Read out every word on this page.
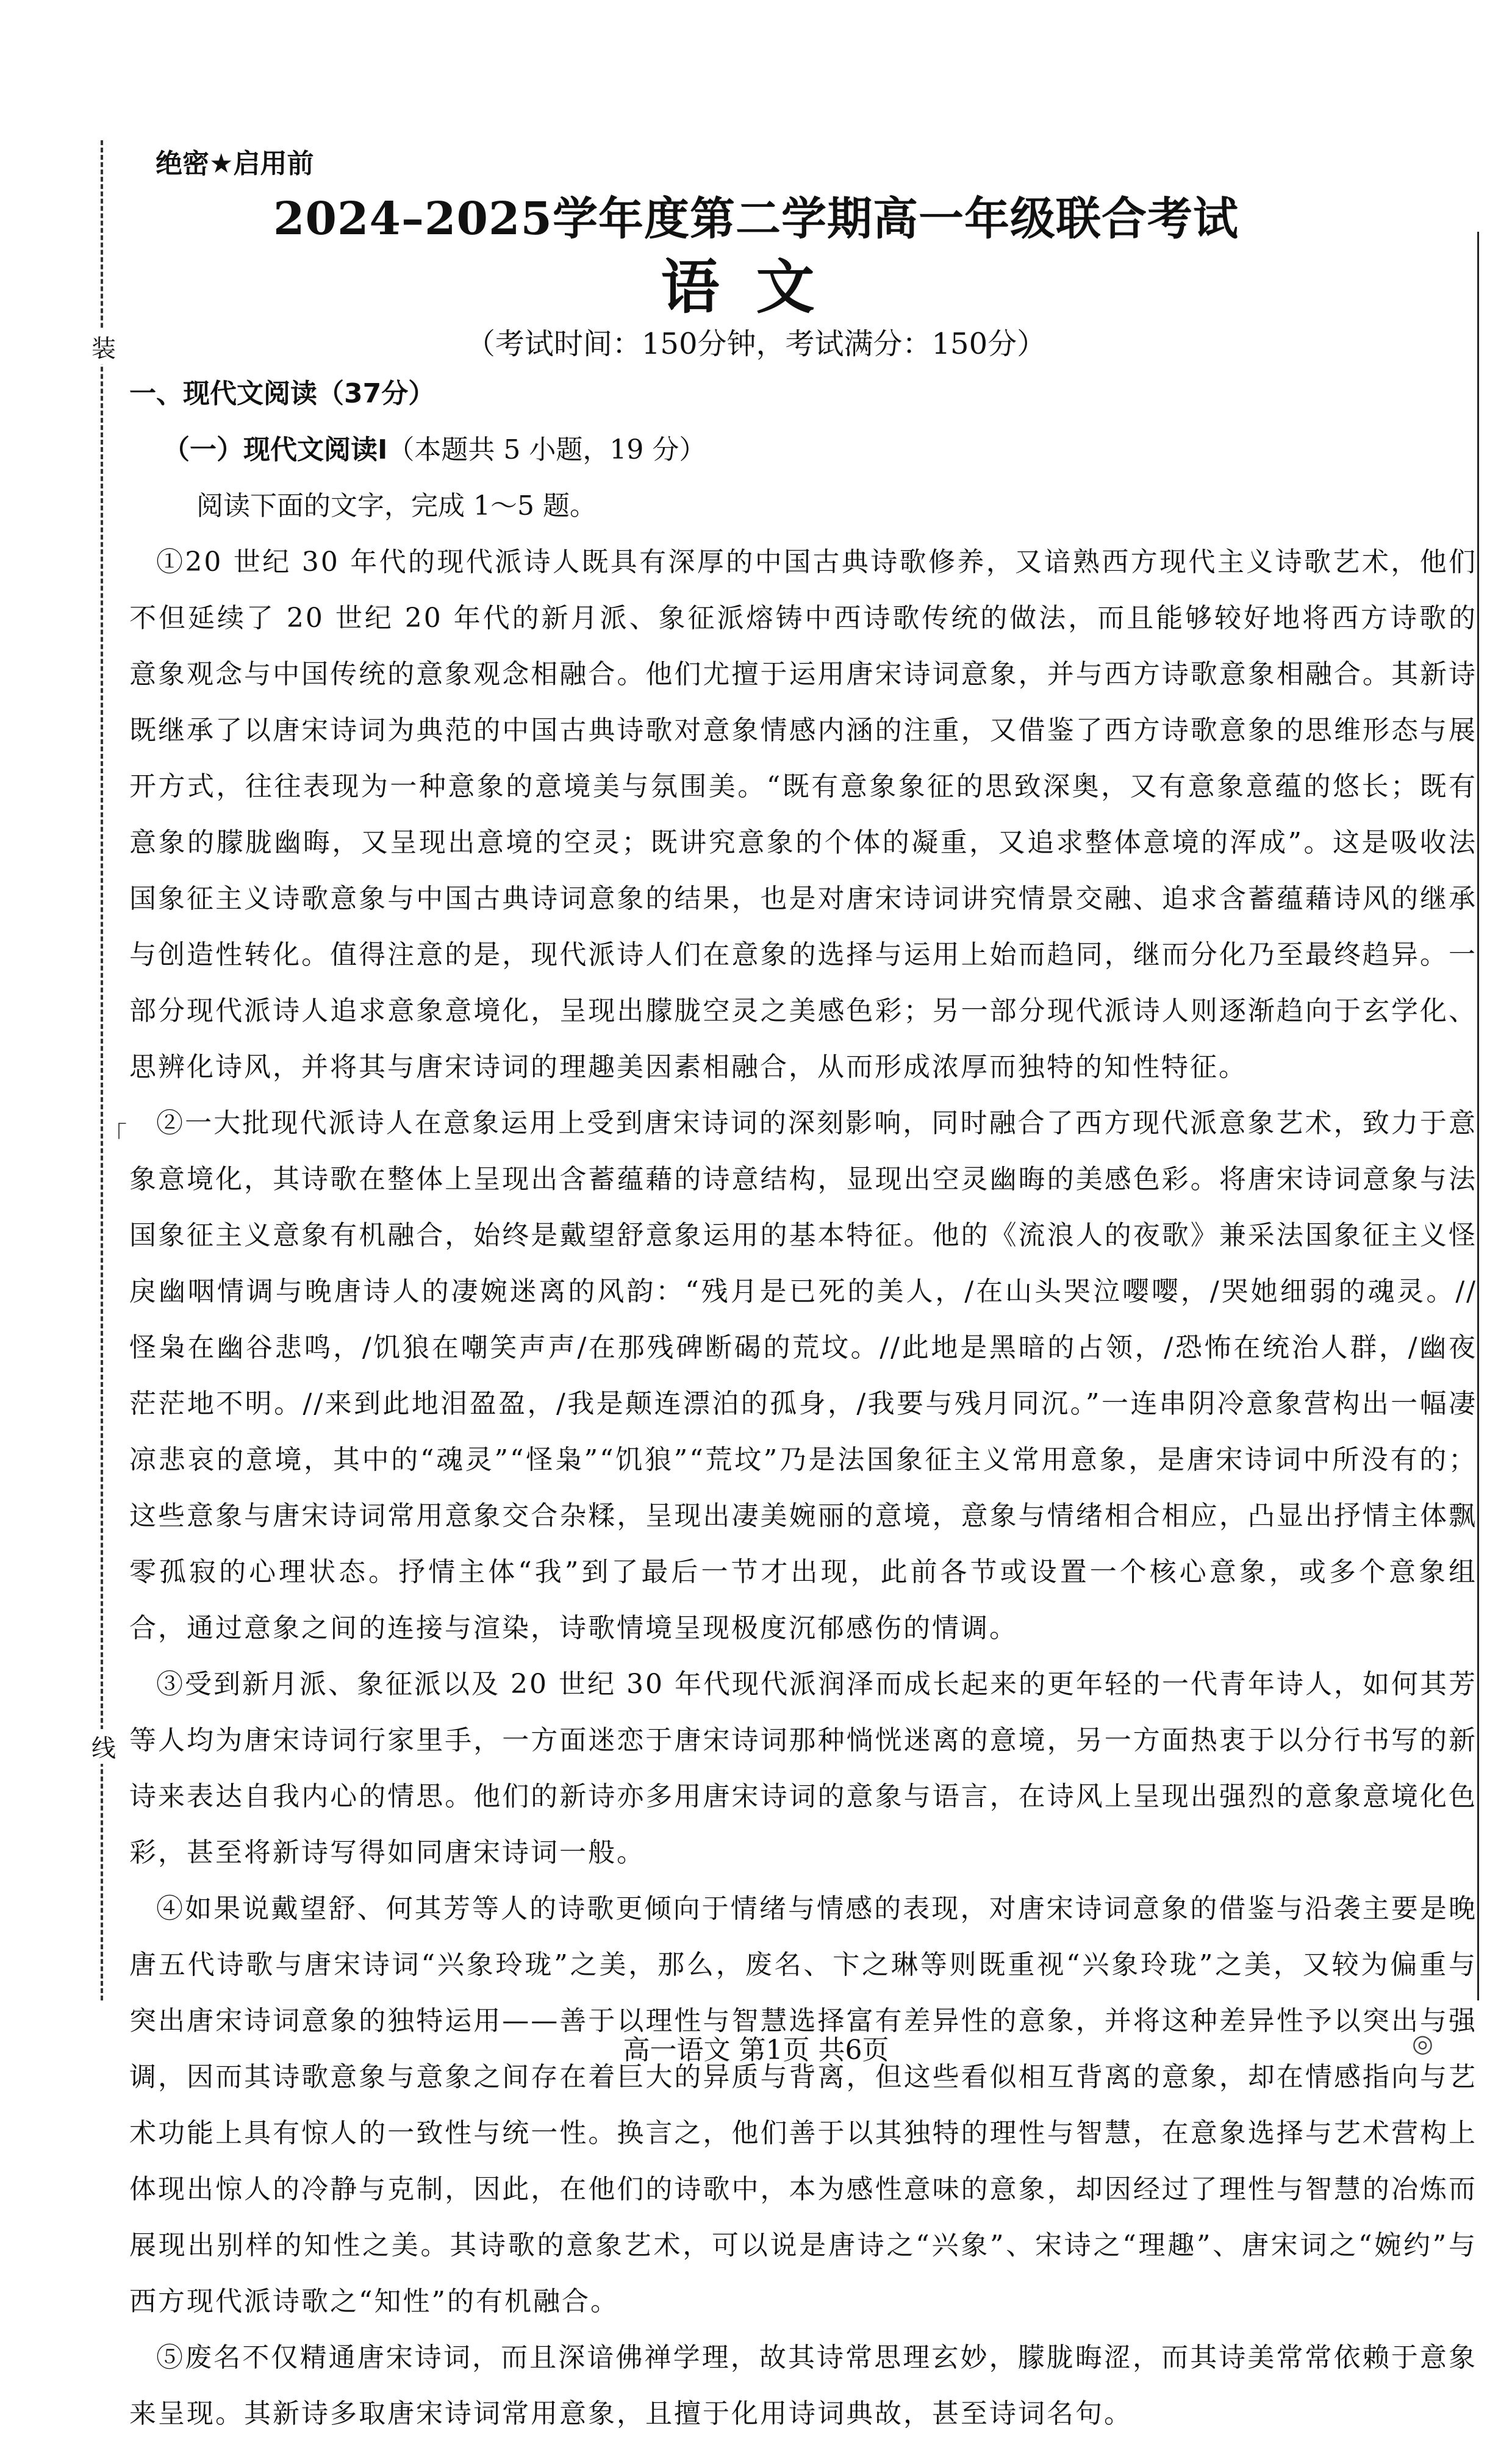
装
线
「
绝密★启用前
2024–2025学年度第二学期高一年级联合考试
语文
（考试时间：150分钟，考试满分：150分）
一、现代文阅读（37分）
（一）现代文阅读Ⅰ（本题共 5 小题，19 分）
阅读下面的文字，完成 1～5 题。

①20 世纪 30 年代的现代派诗人既具有深厚的中国古典诗歌修养，又谙熟西方现代主义诗歌艺术，他们不但延续了 20 世纪 20 年代的新月派、象征派熔铸中西诗歌传统的做法，而且能够较好地将西方诗歌的意象观念与中国传统的意象观念相融合。他们尤擅于运用唐宋诗词意象，并与西方诗歌意象相融合。其新诗既继承了以唐宋诗词为典范的中国古典诗歌对意象情感内涵的注重，又借鉴了西方诗歌意象的思维形态与展开方式，往往表现为一种意象的意境美与氛围美。“既有意象象征的思致深奥，又有意象意蕴的悠长；既有意象的朦胧幽晦，又呈现出意境的空灵；既讲究意象的个体的凝重，又追求整体意境的浑成”。这是吸收法国象征主义诗歌意象与中国古典诗词意象的结果，也是对唐宋诗词讲究情景交融、追求含蓄蕴藉诗风的继承与创造性转化。值得注意的是，现代派诗人们在意象的选择与运用上始而趋同，继而分化乃至最终趋异。一部分现代派诗人追求意象意境化，呈现出朦胧空灵之美感色彩；另一部分现代派诗人则逐渐趋向于玄学化、思辨化诗风，并将其与唐宋诗词的理趣美因素相融合，从而形成浓厚而独特的知性特征。

②一大批现代派诗人在意象运用上受到唐宋诗词的深刻影响，同时融合了西方现代派意象艺术，致力于意象意境化，其诗歌在整体上呈现出含蓄蕴藉的诗意结构，显现出空灵幽晦的美感色彩。将唐宋诗词意象与法国象征主义意象有机融合，始终是戴望舒意象运用的基本特征。他的《流浪人的夜歌》兼采法国象征主义怪戾幽咽情调与晚唐诗人的凄婉迷离的风韵：“残月是已死的美人，/在山头哭泣嘤嘤，/哭她细弱的魂灵。//怪枭在幽谷悲鸣，/饥狼在嘲笑声声/在那残碑断碣的荒坟。//此地是黑暗的占领，/恐怖在统治人群，/幽夜茫茫地不明。//来到此地泪盈盈，/我是颠连漂泊的孤身，/我要与残月同沉。”一连串阴冷意象营构出一幅凄凉悲哀的意境，其中的“魂灵”“怪枭”“饥狼”“荒坟”乃是法国象征主义常用意象，是唐宋诗词中所没有的；这些意象与唐宋诗词常用意象交合杂糅，呈现出凄美婉丽的意境，意象与情绪相合相应，凸显出抒情主体飘零孤寂的心理状态。抒情主体“我”到了最后一节才出现，此前各节或设置一个核心意象，或多个意象组合，通过意象之间的连接与渲染，诗歌情境呈现极度沉郁感伤的情调。

③受到新月派、象征派以及 20 世纪 30 年代现代派润泽而成长起来的更年轻的一代青年诗人，如何其芳等人均为唐宋诗词行家里手，一方面迷恋于唐宋诗词那种惝恍迷离的意境，另一方面热衷于以分行书写的新诗来表达自我内心的情思。他们的新诗亦多用唐宋诗词的意象与语言，在诗风上呈现出强烈的意象意境化色彩，甚至将新诗写得如同唐宋诗词一般。

④如果说戴望舒、何其芳等人的诗歌更倾向于情绪与情感的表现，对唐宋诗词意象的借鉴与沿袭主要是晚唐五代诗歌与唐宋诗词“兴象玲珑”之美，那么，废名、卞之琳等则既重视“兴象玲珑”之美，又较为偏重与突出唐宋诗词意象的独特运用——善于以理性与智慧选择富有差异性的意象，并将这种差异性予以突出与强调，因而其诗歌意象与意象之间存在着巨大的异质与背离，但这些看似相互背离的意象，却在情感指向与艺术功能上具有惊人的一致性与统一性。换言之，他们善于以其独特的理性与智慧，在意象选择与艺术营构上体现出惊人的冷静与克制，因此，在他们的诗歌中，本为感性意味的意象，却因经过了理性与智慧的冶炼而展现出别样的知性之美。其诗歌的意象艺术，可以说是唐诗之“兴象”、宋诗之“理趣”、唐宋词之“婉约”与西方现代派诗歌之“知性”的有机融合。

⑤废名不仅精通唐宋诗词，而且深谙佛禅学理，故其诗常思理玄妙，朦胧晦涩，而其诗美常常依赖于意象来呈现。其新诗多取唐宋诗词常用意象，且擅于化用诗词典故，甚至诗词名句。

高一语文 第1页 共6页	◎
